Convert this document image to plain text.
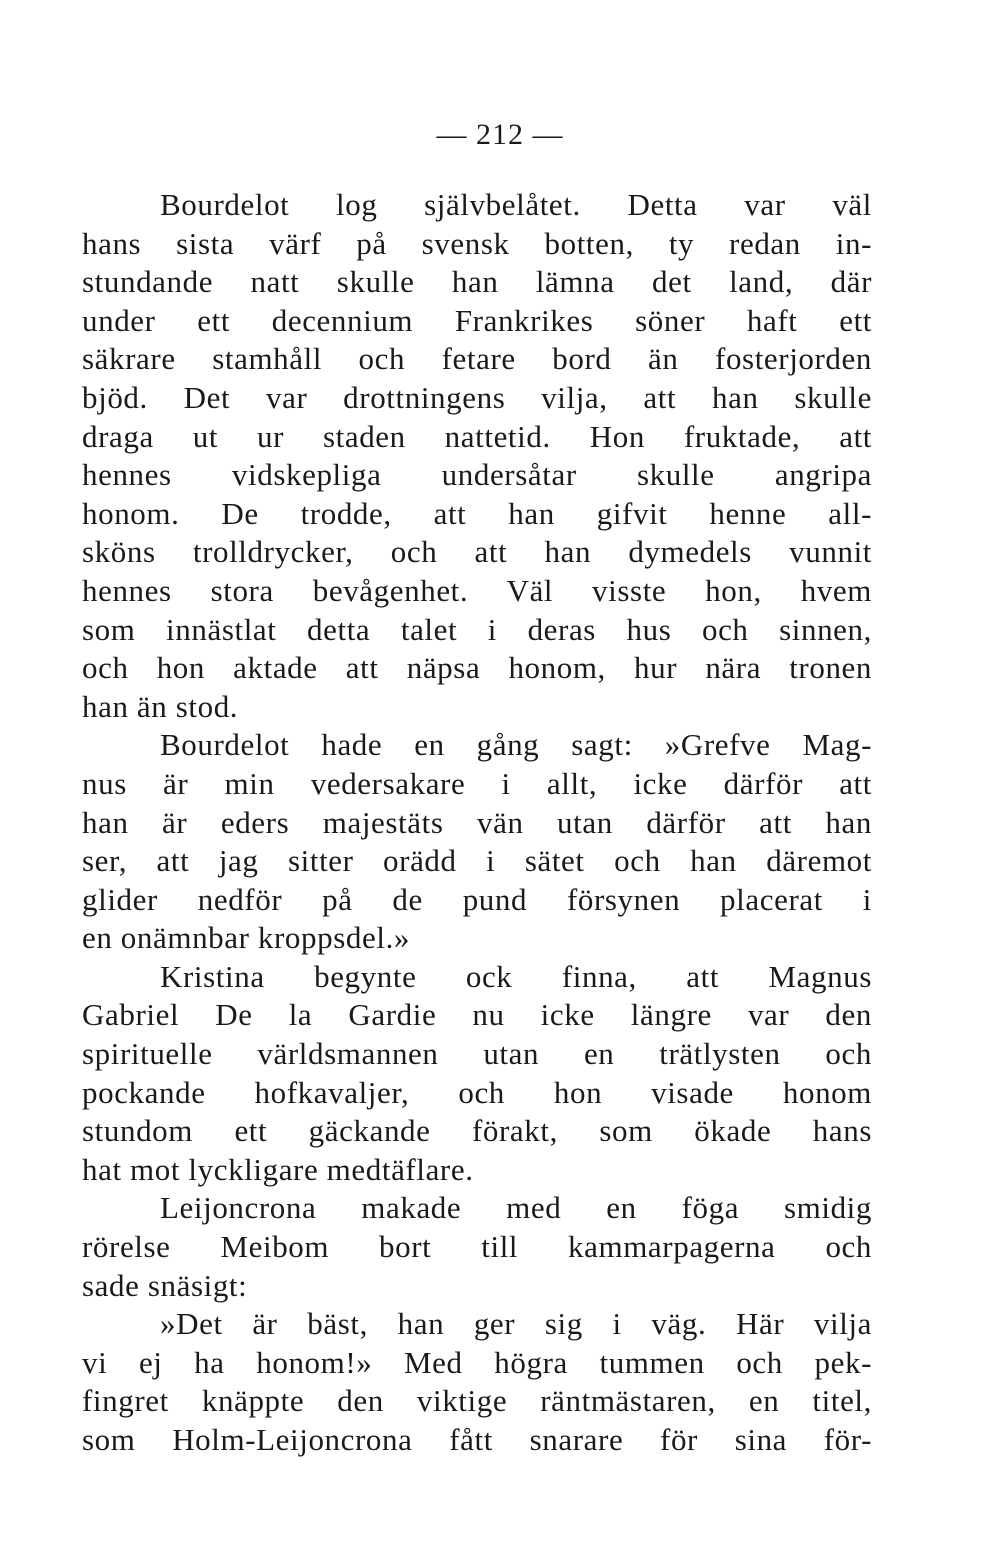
— 212 —
Bourdelot log självbelåtet. Detta var väl
hans sista värf på svensk botten, ty redan in-
stundande natt skulle han lämna det land, där
under ett decennium Frankrikes söner haft ett
säkrare stamhåll och fetare bord än fosterjorden
bjöd. Det var drottningens vilja, att han skulle
draga ut ur staden nattetid. Hon fruktade, att
hennes vidskepliga undersåtar skulle angripa
honom. De trodde, att han gifvit henne all-
sköns trolldrycker, och att han dymedels vunnit
hennes stora bevågenhet. Väl visste hon, hvem
som innästlat detta talet i deras hus och sinnen,
och hon aktade att näpsa honom, hur nära tronen
han än stod.
Bourdelot hade en gång sagt: »Grefve Mag-
nus är min vedersakare i allt, icke därför att
han är eders majestäts vän utan därför att han
ser, att jag sitter orädd i sätet och han däremot
glider nedför på de pund försynen placerat i
en onämnbar kroppsdel.»
Kristina begynte ock finna, att Magnus
Gabriel De la Gardie nu icke längre var den
spirituelle världsmannen utan en trätlysten och
pockande hofkavaljer, och hon visade honom
stundom ett gäckande förakt, som ökade hans
hat mot lyckligare medtäflare.
Leijoncrona makade med en föga smidig
rörelse Meibom bort till kammarpagerna och
sade snäsigt:
»Det är bäst, han ger sig i väg. Här vilja
vi ej ha honom!» Med högra tummen och pek-
fingret knäppte den viktige räntmästaren, en titel,
som Holm-Leijoncrona fått snarare för sina för-
